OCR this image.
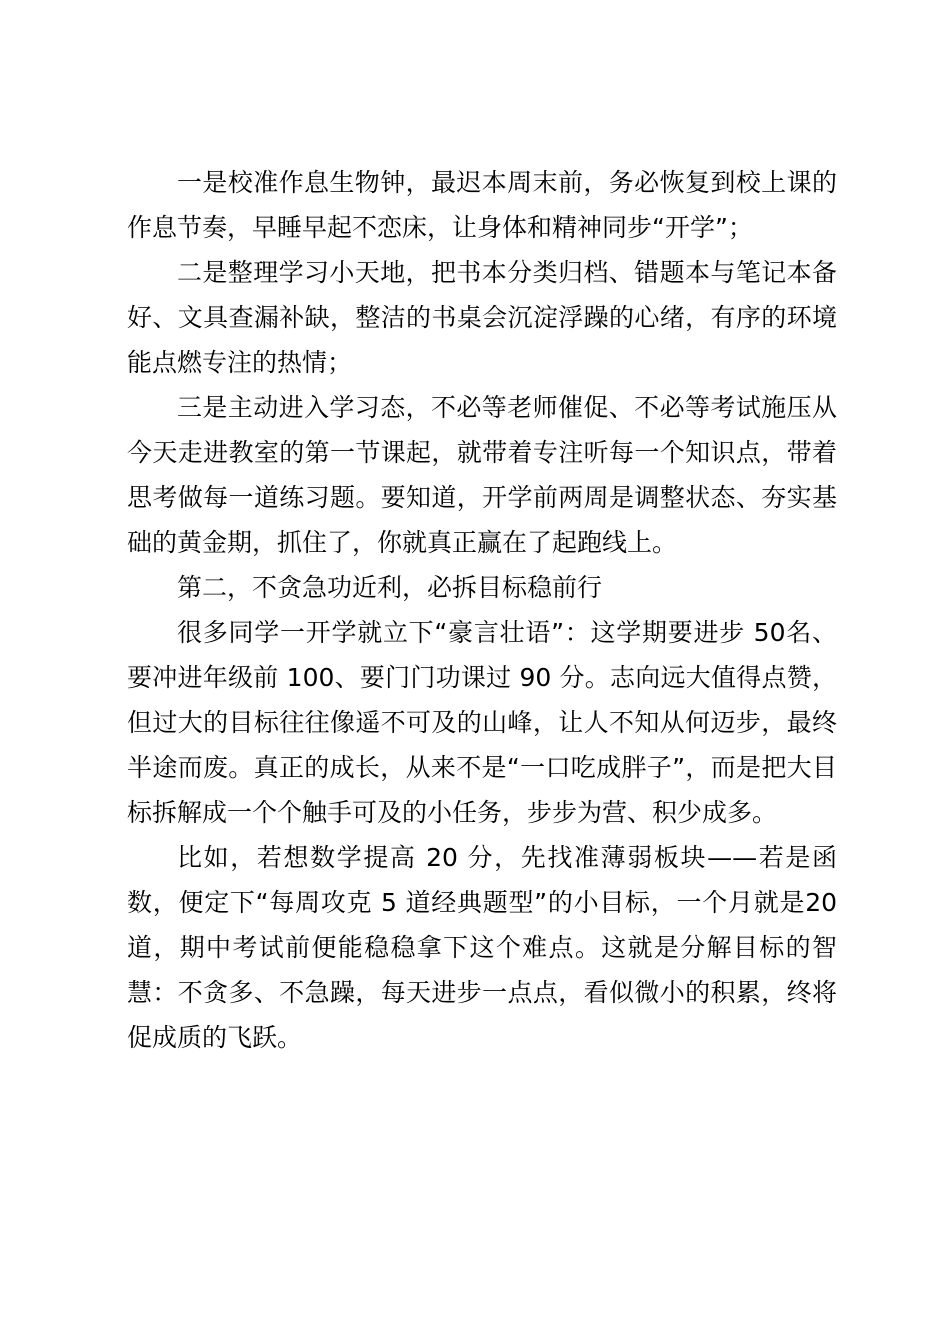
一是校准作息生物钟，最迟本周末前，务必恢复到校上课的作息节奏，早睡早起不恋床，让身体和精神同步“开学”；

二是整理学习小天地，把书本分类归档、错题本与笔记本备好、文具查漏补缺，整洁的书桌会沉淀浮躁的心绪，有序的环境能点燃专注的热情；

三是主动进入学习态，不必等老师催促、不必等考试施压从今天走进教室的第一节课起，就带着专注听每一个知识点，带着思考做每一道练习题。要知道，开学前两周是调整状态、夯实基础的黄金期，抓住了，你就真正赢在了起跑线上。

第二，不贪急功近利，必拆目标稳前行

很多同学一开学就立下“豪言壮语”：这学期要进步 50名、要冲进年级前 100、要门门功课过 90 分。志向远大值得点赞，但过大的目标往往像遥不可及的山峰，让人不知从何迈步，最终半途而废。真正的成长，从来不是“一口吃成胖子”，而是把大目标拆解成一个个触手可及的小任务，步步为营、积少成多。

比如，若想数学提高 20 分，先找准薄弱板块——若是函数，便定下“每周攻克 5 道经典题型”的小目标，一个月就是20 道，期中考试前便能稳稳拿下这个难点。这就是分解目标的智慧：不贪多、不急躁，每天进步一点点，看似微小的积累，终将促成质的飞跃。
